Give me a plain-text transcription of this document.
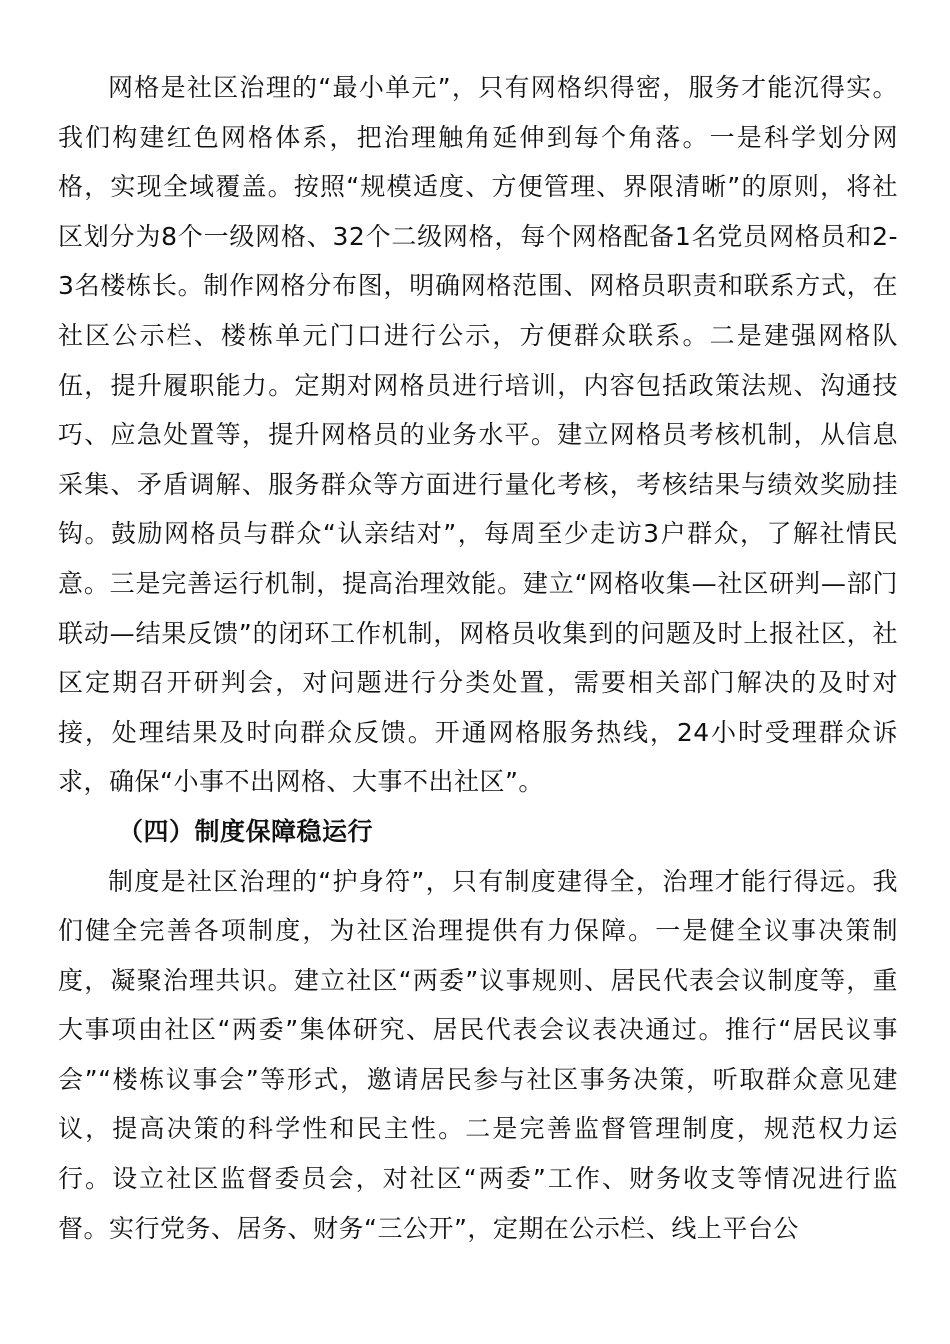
网格是社区治理的“最小单元”，只有网格织得密，服务才能沉得实。我们构建红色网格体系，把治理触角延伸到每个角落。一是科学划分网格，实现全域覆盖。按照“规模适度、方便管理、界限清晰”的原则，将社区划分为8个一级网格、32个二级网格，每个网格配备1名党员网格员和2-3名楼栋长。制作网格分布图，明确网格范围、网格员职责和联系方式，在社区公示栏、楼栋单元门口进行公示，方便群众联系。二是建强网格队伍，提升履职能力。定期对网格员进行培训，内容包括政策法规、沟通技巧、应急处置等，提升网格员的业务水平。建立网格员考核机制，从信息采集、矛盾调解、服务群众等方面进行量化考核，考核结果与绩效奖励挂钩。鼓励网格员与群众“认亲结对”，每周至少走访3户群众，了解社情民意。三是完善运行机制，提高治理效能。建立“网格收集—社区研判—部门联动—结果反馈”的闭环工作机制，网格员收集到的问题及时上报社区，社区定期召开研判会，对问题进行分类处置，需要相关部门解决的及时对接，处理结果及时向群众反馈。开通网格服务热线，24小时受理群众诉求，确保“小事不出网格、大事不出社区”。

（四）制度保障稳运行

制度是社区治理的“护身符”，只有制度建得全，治理才能行得远。我们健全完善各项制度，为社区治理提供有力保障。一是健全议事决策制度，凝聚治理共识。建立社区“两委”议事规则、居民代表会议制度等，重大事项由社区“两委”集体研究、居民代表会议表决通过。推行“居民议事会”“楼栋议事会”等形式，邀请居民参与社区事务决策，听取群众意见建议，提高决策的科学性和民主性。二是完善监督管理制度，规范权力运行。设立社区监督委员会，对社区“两委”工作、财务收支等情况进行监督。实行党务、居务、财务“三公开”，定期在公示栏、线上平台公
